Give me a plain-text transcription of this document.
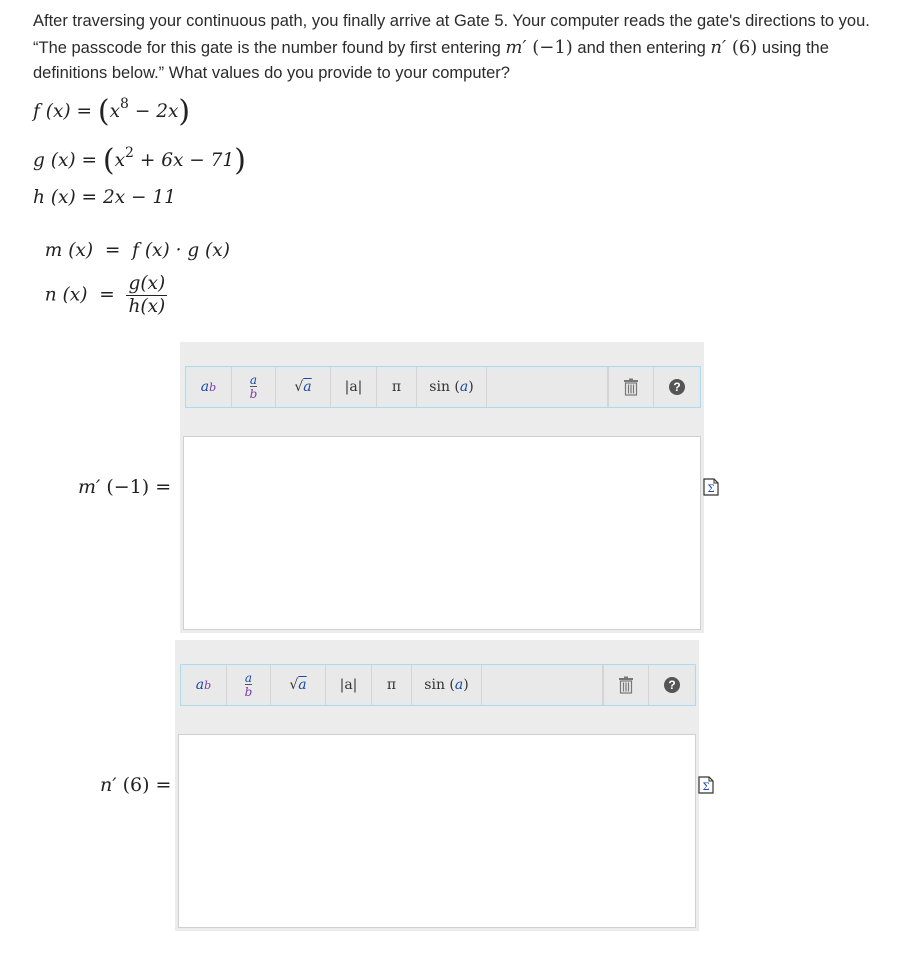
After traversing your continuous path, you finally arrive at Gate 5. Your computer reads the gate's directions to you. “The passcode for this gate is the number found by first entering m′ (−1) and then entering n′ (6) using the definitions below.” What values do you provide to your computer?
f $(x) = (x^8 - 2x)$
g $(x) = (x^2 + 6x - 71)$
h (x) = 2x − 11

m (x)  =  f (x) · g (x)

n $(x) = \frac{g(x)}{h(x)}$

a b	a
b	√ a |a| π sin ( a )	?
m′ (−1) =	Σ
a b	a
b	√ a |a| π sin ( a )	?
n′ (6) =	Σ
